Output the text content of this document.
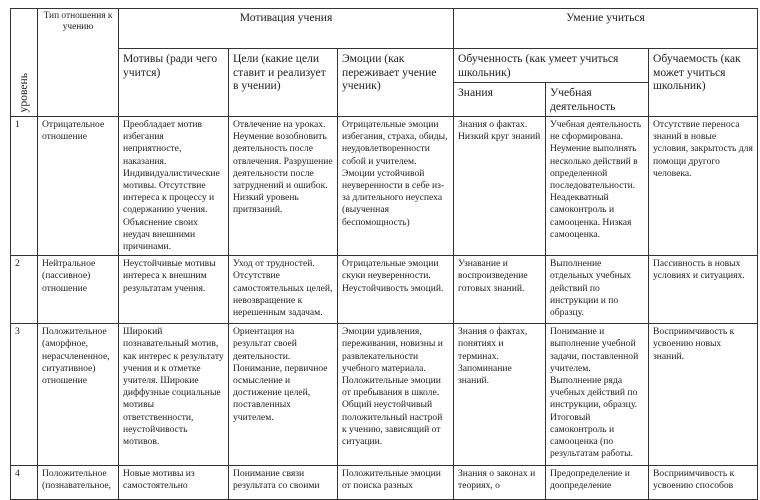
уровень	Тип отношения к учению	Мотивация учения			Умение учиться		
		Мотивы (ради чего учится)	Цели (какие цели ставит и реализует в учении)	Эмоции (как переживает учение ученик)	Обученность (как умеет учиться школьник)		Обучаемость (как может учиться школьник)
					Знания	Учебная деятельность	
1	Отрицательное отношение	Преобладает мотив избегания неприятносте, наказания. Индивидуалистические мотивы. Отсутствие интереса к процессу и содержанию учения. Объяснение своих неудач внешними причинами.	Отвлечение на уроках. Неумение возобновить деятельность после отвлечения. Разрушение деятельности после затруднений и ошибок. Низкий уровень притязаний.	Отрицательные эмоции избегания, страха, обиды, неудовлетворенности собой и учителем. Эмоции устойчивой неуверенности в себе из-за длительного неуспеха (выученная беспомощность)	Знания о фактах. Низкий круг знаний	Учебная деятельность не сформирована. Неумение выполнять несколько действий в определенной последовательности. Неадекватный самоконтроль и самооценка. Низкая самооценка.	Отсутствие переноса знаний в новые условия, закрытость для помощи другого человека.
2	Нейтральное (пассивное) отношение	Неустойчивые мотивы интереса к внешним результатам учения.	Уход от трудностей. Отсутствие самостоятельных целей, невозвращение к нерешенным задачам.	Отрицательные эмоции скуки неуверенности. Неустойчивость эмоций.	Узнавание и воспроизведение готовых знаний.	Выполнение отдельных учебных действий по инструкции и по образцу.	Пассивность в новых условиях и ситуациях.
3	Положительное (аморфное, нерасчлененное, ситуативное) отношение	Широкий познавательный мотив, как интерес к результату учения и к отметке учителя. Широкие диффузные социальные мотивы ответственности, неустойчивость мотивов.	Ориентация на результат своей деятельности. Понимание, первичное осмысление и достижение целей, поставленных учителем.	Эмоции удивления, переживания, новизны и развлекательности учебного материала. Положительные эмоции от пребывания в школе. Общий неустойчивый положительный настрой к учению, зависящий от ситуации.	Знания о фактах, понятиях и терминах. Запоминание знаний.	Понимание и выполнение учебной задачи, поставленной учителем. Выполнение ряда учебных действий по инструкции, образцу. Итоговый самоконтроль и самооценка (по результатам работы.	Восприимчивость к усвоению новых знаний.
4	Положительное (познавательное,	Новые мотивы из самостоятельно	Понимание связи результата со своими	Положительные эмоции от поиска разных	Знания о законах и теориях, о	Предопределение и доопределение	Восприимчивость к усвоению способов
